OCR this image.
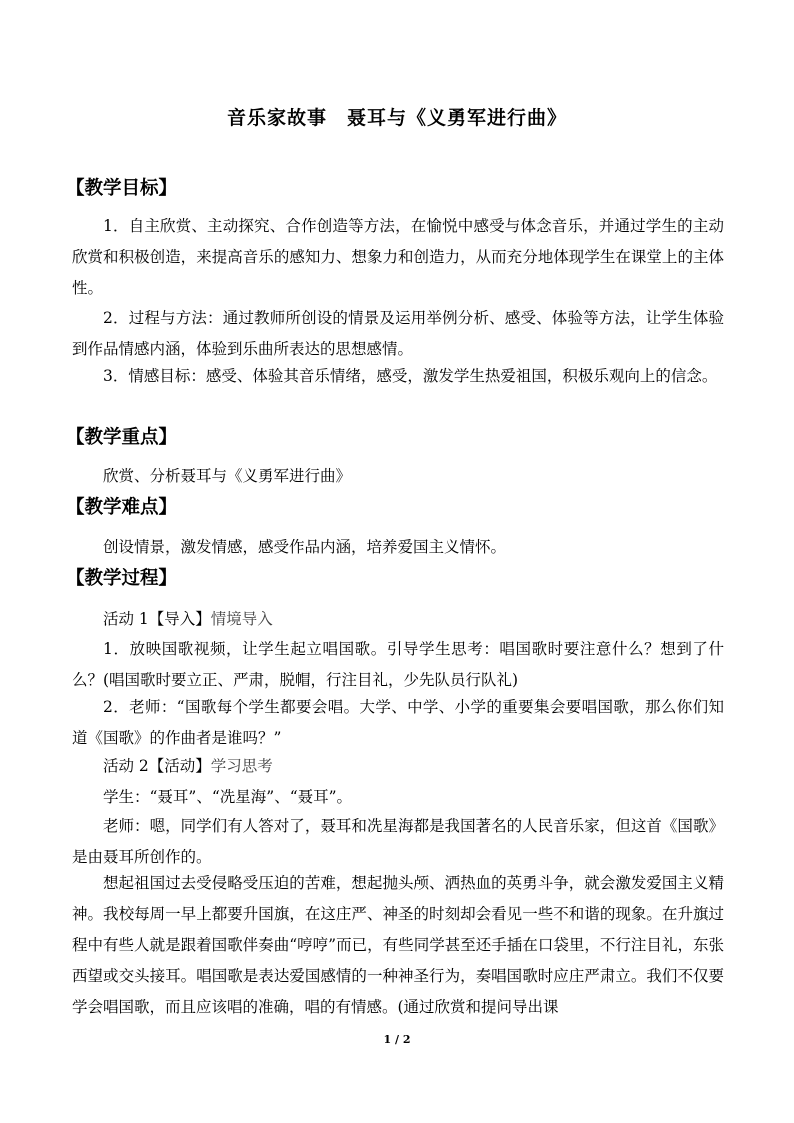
音乐家故事　聂耳与《义勇军进行曲》
【教学目标】
1．自主欣赏、主动探究、合作创造等方法，在愉悦中感受与体念音乐，并通过学生的主动欣赏和积极创造，来提高音乐的感知力、想象力和创造力，从而充分地体现学生在课堂上的主体性。
2．过程与方法：通过教师所创设的情景及运用举例分析、感受、体验等方法，让学生体验到作品情感内涵，体验到乐曲所表达的思想感情。
3．情感目标：感受、体验其音乐情绪，感受，激发学生热爱祖国，积极乐观向上的信念。
【教学重点】
欣赏、分析聂耳与《义勇军进行曲》
【教学难点】
创设情景，激发情感，感受作品内涵，培养爱国主义情怀。
【教学过程】
活动 1【导入】情境导入
1．放映国歌视频，让学生起立唱国歌。引导学生思考：唱国歌时要注意什么？想到了什么？(唱国歌时要立正、严肃，脱帽，行注目礼，少先队员行队礼)
2．老师：“国歌每个学生都要会唱。大学、中学、小学的重要集会要唱国歌，那么你们知道《国歌》的作曲者是谁吗？”
活动 2【活动】学习思考
学生：“聂耳”、“冼星海”、“聂耳”。
老师：嗯，同学们有人答对了，聂耳和冼星海都是我国著名的人民音乐家，但这首《国歌》是由聂耳所创作的。
想起祖国过去受侵略受压迫的苦难，想起抛头颅、洒热血的英勇斗争，就会激发爱国主义精神。我校每周一早上都要升国旗，在这庄严、神圣的时刻却会看见一些不和谐的现象。在升旗过程中有些人就是跟着国歌伴奏曲“哼哼”而已，有些同学甚至还手插在口袋里，不行注目礼，东张西望或交头接耳。唱国歌是表达爱国感情的一种神圣行为，奏唱国歌时应庄严肃立。我们不仅要学会唱国歌，而且应该唱的准确，唱的有情感。(通过欣赏和提问导出课
1 / 2
